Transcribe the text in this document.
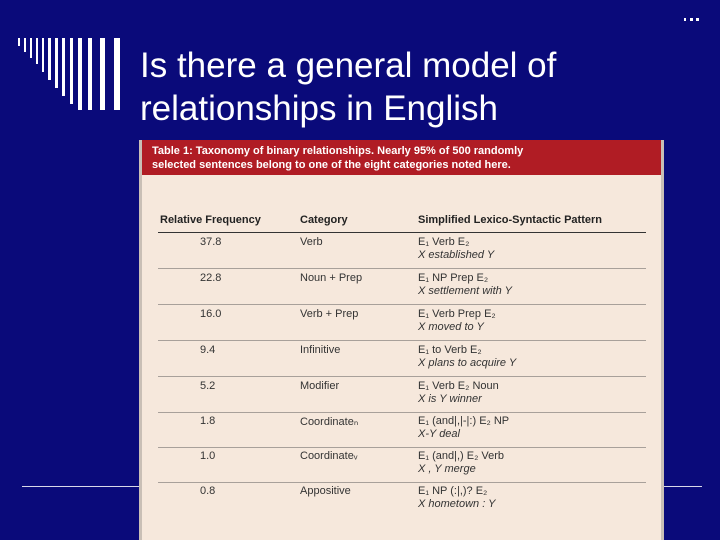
Is there a general model of
relationships in English
Table 1: Taxonomy of binary relationships. Nearly 95% of 500 randomly
selected sentences belong to one of the eight categories noted here.
Relative Frequency	Category	Simplified Lexico-Syntactic Pattern
37.8	Verb	E₁ Verb E₂
X established Y
22.8	Noun + Prep	E₁ NP Prep E₂
X settlement with Y
16.0	Verb + Prep	E₁ Verb Prep E₂
X moved to Y
9.4	Infinitive	E₁ to Verb E₂
X plans to acquire Y
5.2	Modifier	E₁ Verb E₂ Noun
X is Y winner
1.8	Coordinateₙ	E₁ (and|,|-|:) E₂ NP
X-Y deal
1.0	Coordinateᵥ	E₁ (and|,) E₂ Verb
X , Y merge
0.8	Appositive	E₁ NP (:|,)? E₂
X hometown : Y
